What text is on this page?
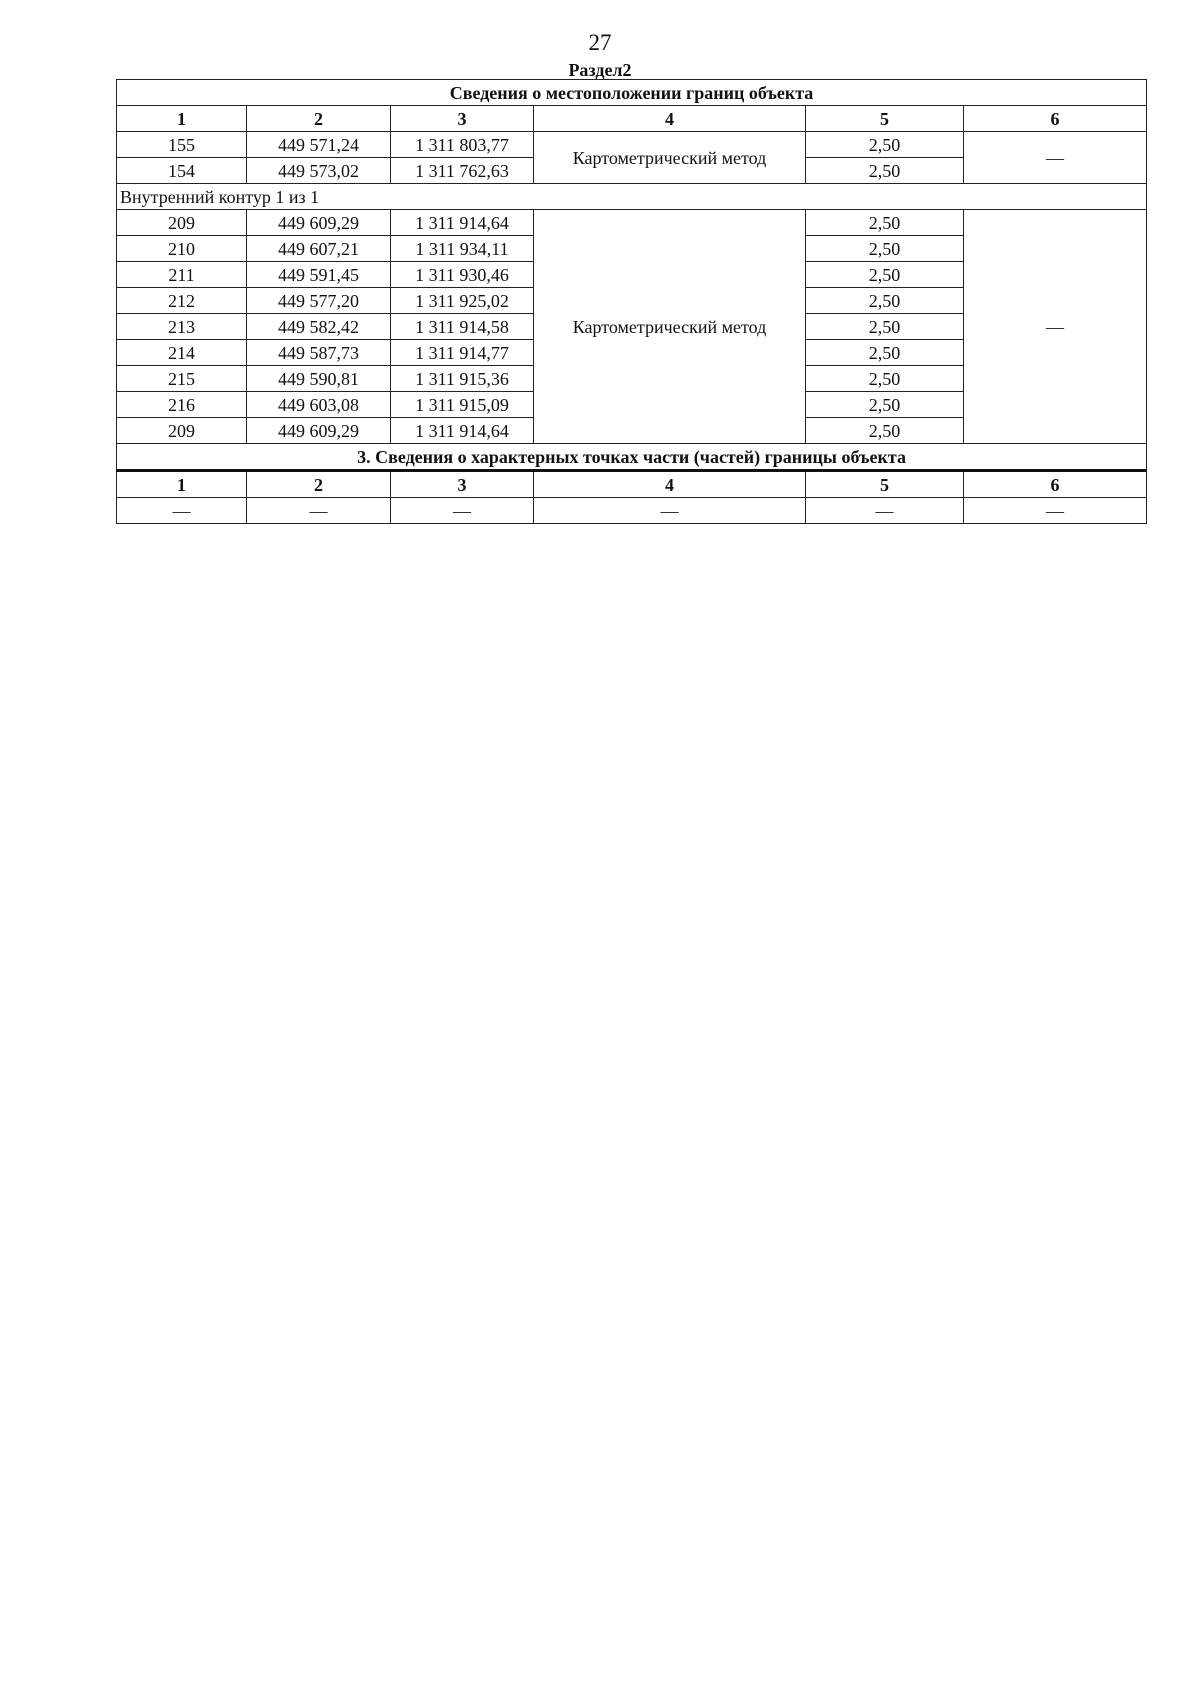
27
Раздел2
Сведения о местоположении границ объекта					
1	2	3	4	5	6
155	449 571,24	1 311 803,77	Картометрический метод	2,50	—
154	449 573,02	1 311 762,63		2,50	
Внутренний контур 1 из 1					
209	449 609,29	1 311 914,64	Картометрический метод	2,50	—
210	449 607,21	1 311 934,11		2,50	
211	449 591,45	1 311 930,46		2,50	
212	449 577,20	1 311 925,02		2,50	
213	449 582,42	1 311 914,58		2,50	
214	449 587,73	1 311 914,77		2,50	
215	449 590,81	1 311 915,36		2,50	
216	449 603,08	1 311 915,09		2,50	
209	449 609,29	1 311 914,64		2,50	
3. Сведения о характерных точках части (частей) границы объекта					
1	2	3	4	5	6
—	—	—	—	—	—
